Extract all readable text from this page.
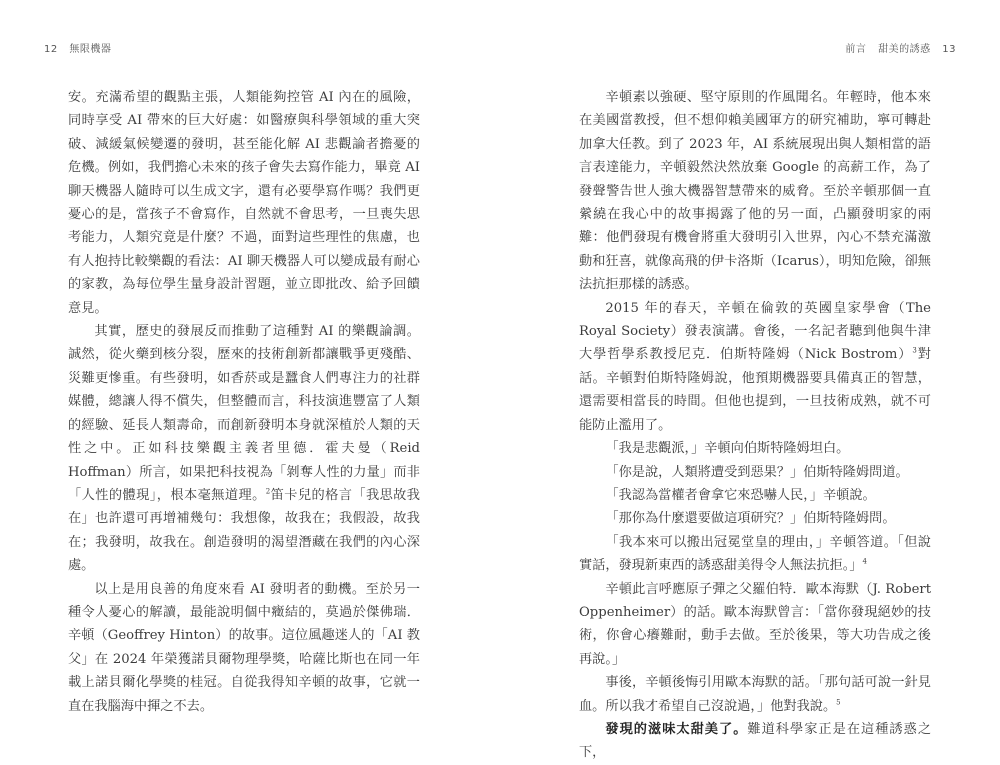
12 無限機器	前言 甜美的誘惑 13

安。充滿希望的觀點主張，人類能夠控管 AI 內在的風險，同時享受 AI 帶來的巨大好處：如醫療與科學領域的重大突破、減緩氣候變遷的發明，甚至能化解 AI 悲觀論者擔憂的危機。例如，我們擔心未來的孩子會失去寫作能力，畢竟 AI 聊天機器人隨時可以生成文字，還有必要學寫作嗎？我們更憂心的是，當孩子不會寫作，自然就不會思考，一旦喪失思考能力，人類究竟是什麼？不過，面對這些理性的焦慮，也有人抱持比較樂觀的看法：AI 聊天機器人可以變成最有耐心的家教，為每位學生量身設計習題，並立即批改、給予回饋意見。

其實，歷史的發展反而推動了這種對 AI 的樂觀論調。誠然，從火藥到核分裂，歷來的技術創新都讓戰爭更殘酷、災難更慘重。有些發明，如香菸或是蠶食人們專注力的社群媒體，總讓人得不償失，但整體而言，科技演進豐富了人類的經驗、延長人類壽命，而創新發明本身就深植於人類的天性之中。正如科技樂觀主義者里德．霍夫曼（Reid Hoffman）所言，如果把科技視為「剝奪人性的力量」而非「人性的體現」，根本毫無道理。$^2$笛卡兒的格言「我思故我在」也許還可再增補幾句：我想像，故我在；我假設，故我在；我發明，故我在。創造發明的渴望潛藏在我們的內心深處。

以上是用良善的角度來看 AI 發明者的動機。至於另一種令人憂心的解讀，最能說明個中癥結的，莫過於傑佛瑞．辛頓（Geoffrey Hinton）的故事。這位風趣迷人的「AI 教父」在 2024 年榮獲諾貝爾物理學獎，哈薩比斯也在同一年載上諾貝爾化學獎的桂冠。自從我得知辛頓的故事，它就一直在我腦海中揮之不去。

辛頓素以強硬、堅守原則的作風聞名。年輕時，他本來在美國當教授，但不想仰賴美國軍方的研究補助，寧可轉赴加拿大任教。到了 2023 年，AI 系統展現出與人類相當的語言表達能力，辛頓毅然決然放棄 Google 的高薪工作，為了發聲警告世人強大機器智慧帶來的威脅。至於辛頓那個一直縈繞在我心中的故事揭露了他的另一面，凸顯發明家的兩難：他們發現有機會將重大發明引入世界，內心不禁充滿激動和狂喜，就像高飛的伊卡洛斯（Icarus），明知危險，卻無法抗拒那樣的誘惑。

2015 年的春天，辛頓在倫敦的英國皇家學會（The Royal Society）發表演講。會後，一名記者聽到他與牛津大學哲學系教授尼克．伯斯特隆姆（Nick Bostrom）$^3$對話。辛頓對伯斯特隆姆說，他預期機器要具備真正的智慧，還需要相當長的時間。但他也提到，一旦技術成熟，就不可能防止濫用了。

「我是悲觀派，」辛頓向伯斯特隆姆坦白。

「你是說，人類將遭受到惡果？」伯斯特隆姆問道。

「我認為當權者會拿它來恐嚇人民，」辛頓說。

「那你為什麼還要做這項研究？」伯斯特隆姆問。

「我本來可以搬出冠冕堂皇的理由，」辛頓答道。「但說實話，發現新東西的誘惑甜美得令人無法抗拒。」$^4$

辛頓此言呼應原子彈之父羅伯特．歐本海默（J. Robert Oppenheimer）的話。歐本海默曾言：「當你發現絕妙的技術，你會心癢難耐，動手去做。至於後果，等大功告成之後再說。」

事後，辛頓後悔引用歐本海默的話。「那句話可說一針見血。所以我才希望自己沒說過，」他對我說。$^5$

發現的滋味太甜美了。難道科學家正是在這種誘惑之下，
